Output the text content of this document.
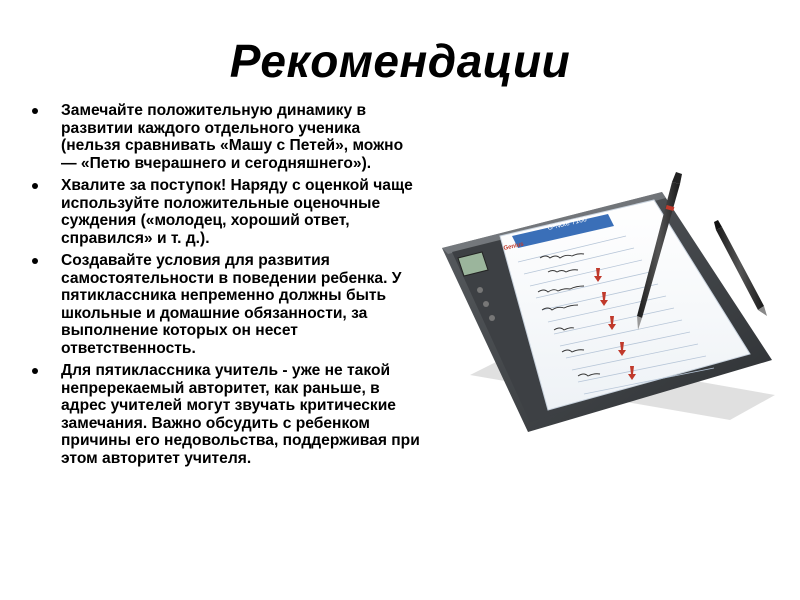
Рекомендации
Замечайте положительную динамику в развитии каждого отдельного ученика (нельзя сравнивать «Машу с Петей», можно — «Петю вчерашнего и сегодняшнего»).
Хвалите за поступок! Наряду с оценкой чаще используйте положительные оценочные суждения («молодец, хороший ответ, справился» и т. д.).
Создавайте условия для развития самостоятельности в поведении ребенка. У пятиклассника непременно должны быть школьные и домашние обязанности, за выполнение которых он несет ответственность.
Для пятиклассника учитель - уже не такой непререкаемый авторитет, как раньше, в адрес учителей могут звучать критические замечания. Важно обсудить с ребенком причины его недовольства, поддерживая при этом авторитет учителя.
G-Note 7100
Genius
